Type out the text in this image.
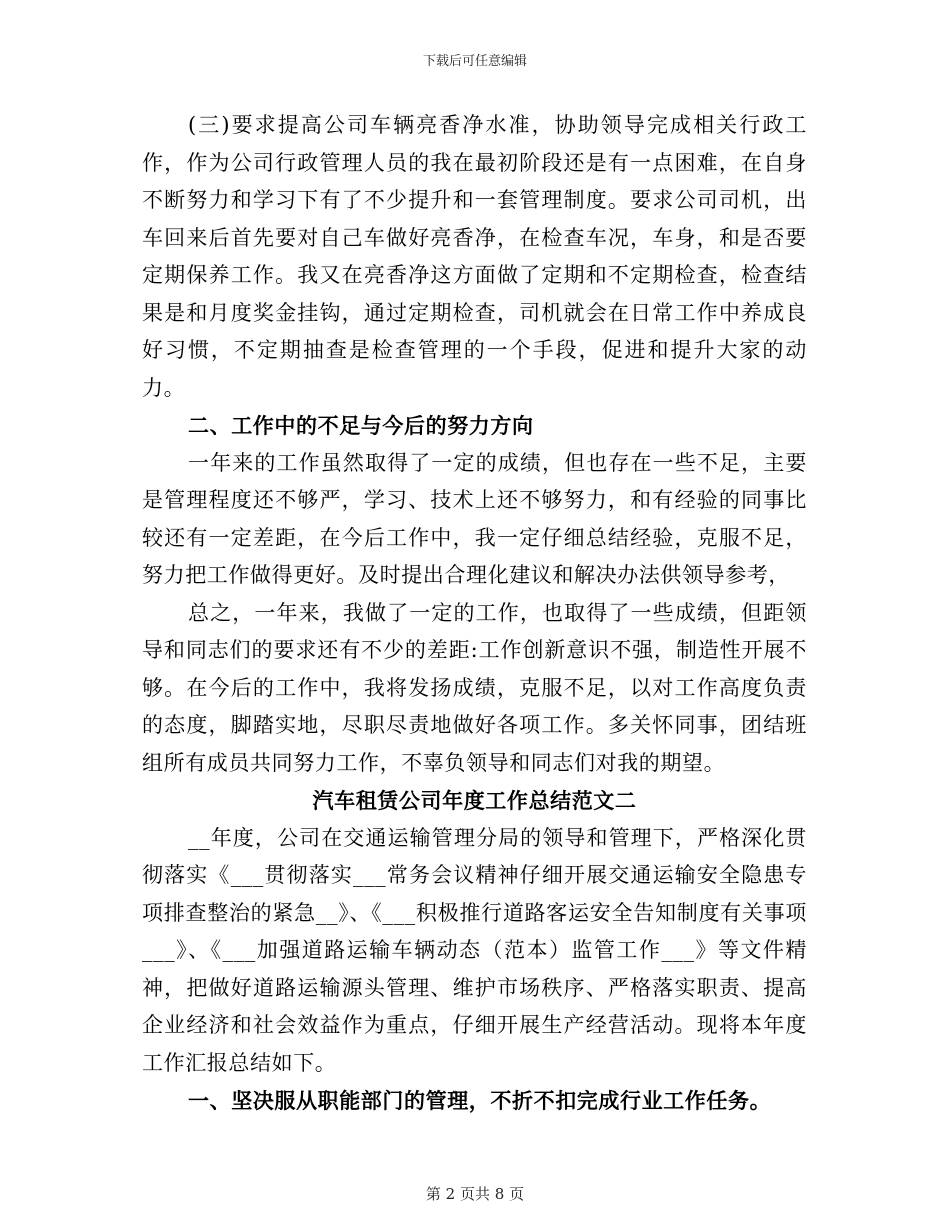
下载后可任意编辑

(三)要求提高公司车辆亮香净水准，协助领导完成相关行政工作，作为公司行政管理人员的我在最初阶段还是有一点困难，在自身不断努力和学习下有了不少提升和一套管理制度。要求公司司机，出车回来后首先要对自己车做好亮香净，在检查车况，车身，和是否要定期保养工作。我又在亮香净这方面做了定期和不定期检查，检查结果是和月度奖金挂钩，通过定期检查，司机就会在日常工作中养成良好习惯，不定期抽查是检查管理的一个手段，促进和提升大家的动力。

二、工作中的不足与今后的努力方向

一年来的工作虽然取得了一定的成绩，但也存在一些不足，主要是管理程度还不够严，学习、技术上还不够努力，和有经验的同事比较还有一定差距，在今后工作中，我一定仔细总结经验，克服不足，努力把工作做得更好。及时提出合理化建议和解决办法供领导参考，

总之，一年来，我做了一定的工作，也取得了一些成绩，但距领导和同志们的要求还有不少的差距:工作创新意识不强，制造性开展不够。在今后的工作中，我将发扬成绩，克服不足，以对工作高度负责的态度，脚踏实地，尽职尽责地做好各项工作。多关怀同事，团结班组所有成员共同努力工作，不辜负领导和同志们对我的期望。

汽车租赁公司年度工作总结范文二

__年度，公司在交通运输管理分局的领导和管理下，严格深化贯彻落实《___贯彻落实___常务会议精神仔细开展交通运输安全隐患专项排查整治的紧急__》、《___积极推行道路客运安全告知制度有关事项___》、《___加强道路运输车辆动态（范本）监管工作___》等文件精神，把做好道路运输源头管理、维护市场秩序、严格落实职责、提高企业经济和社会效益作为重点，仔细开展生产经营活动。现将本年度工作汇报总结如下。

一、坚决服从职能部门的管理，不折不扣完成行业工作任务。

第 2 页共 8 页
